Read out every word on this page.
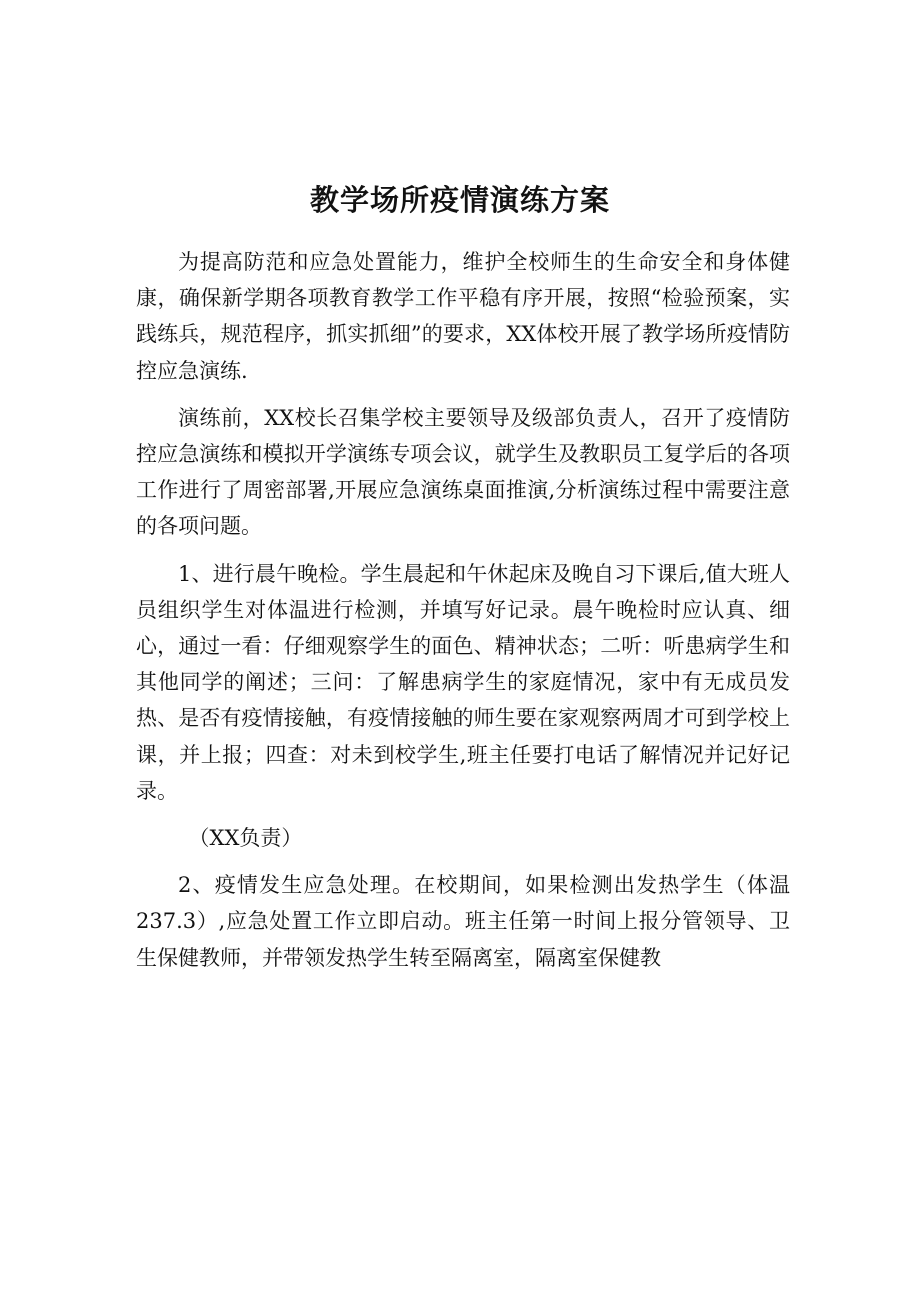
教学场所疫情演练方案

为提高防范和应急处置能力，维护全校师生的生命安全和身体健康，确保新学期各项教育教学工作平稳有序开展，按照“检验预案，实践练兵，规范程序，抓实抓细”的要求，XX体校开展了教学场所疫情防控应急演练.

演练前，XX校长召集学校主要领导及级部负责人，召开了疫情防控应急演练和模拟开学演练专项会议，就学生及教职员工复学后的各项工作进行了周密部署,开展应急演练桌面推演,分析演练过程中需要注意的各项问题。

1、进行晨午晚检。学生晨起和午休起床及晚自习下课后,值大班人员组织学生对体温进行检测，并填写好记录。晨午晚检时应认真、细心，通过一看：仔细观察学生的面色、精神状态；二听：听患病学生和其他同学的阐述；三问：了解患病学生的家庭情况，家中有无成员发热、是否有疫情接触，有疫情接触的师生要在家观察两周才可到学校上课，并上报；四查：对未到校学生,班主任要打电话了解情况并记好记录。

（XX负责）

2、疫情发生应急处理。在校期间，如果检测出发热学生（体温237.3）,应急处置工作立即启动。班主任第一时间上报分管领导、卫生保健教师，并带领发热学生转至隔离室，隔离室保健教
